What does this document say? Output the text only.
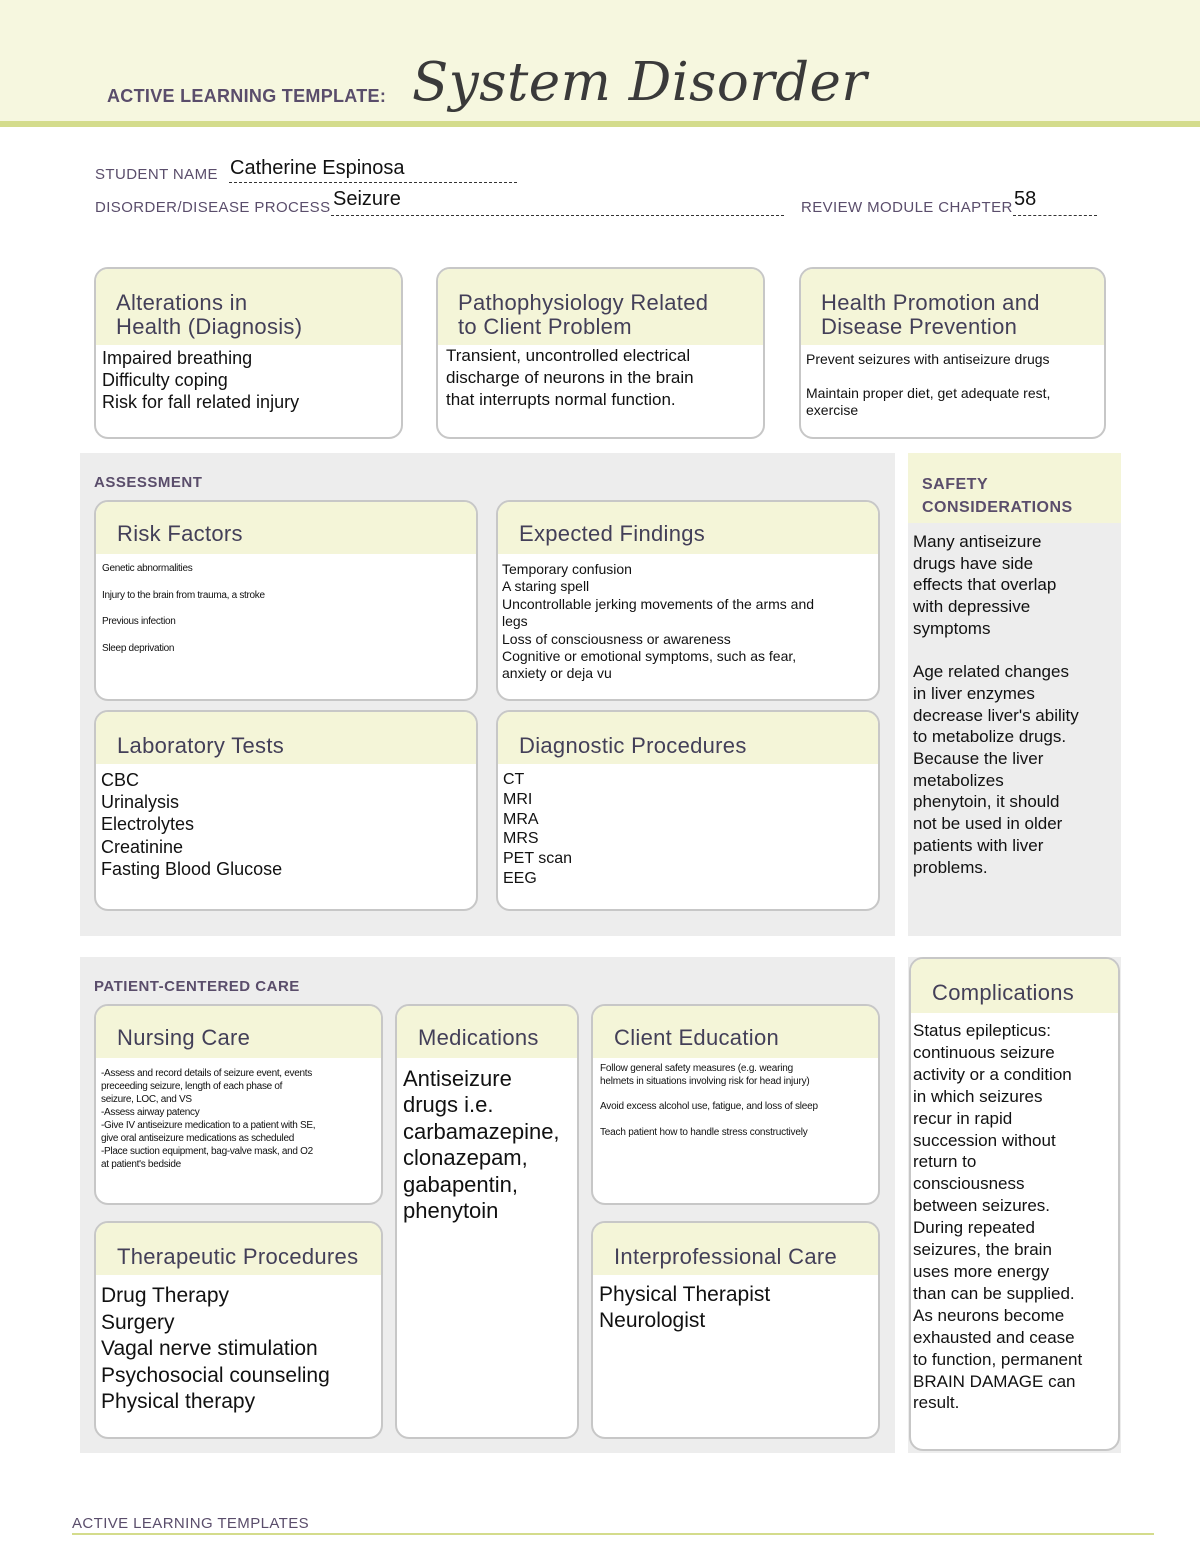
ACTIVE LEARNING TEMPLATE: System Disorder
STUDENT NAME Catherine Espinosa
DISORDER/DISEASE PROCESS Seizure	REVIEW MODULE CHAPTER 58
Alterations in
Health (Diagnosis)
Impaired breathing
Difficulty coping
Risk for fall related injury
Pathophysiology Related
to Client Problem
Transient, uncontrolled electrical
discharge of neurons in the brain
that interrupts normal function.
Health Promotion and
Disease Prevention
Prevent seizures with antiseizure drugs

Maintain proper diet, get adequate rest,
exercise
ASSESSMENT
Risk Factors
Genetic abnormalities

Injury to the brain from trauma, a stroke

Previous infection

Sleep deprivation
Expected Findings
Temporary confusion
A staring spell
Uncontrollable jerking movements of the arms and
legs
Loss of consciousness or awareness
Cognitive or emotional symptoms, such as fear,
anxiety or deja vu
Laboratory Tests
CBC
Urinalysis
Electrolytes
Creatinine
Fasting Blood Glucose
Diagnostic Procedures
CT
MRI
MRA
MRS
PET scan
EEG
SAFETY
CONSIDERATIONS
Many antiseizure
drugs have side
effects that overlap
with depressive
symptoms

Age related changes
in liver enzymes
decrease liver's ability
to metabolize drugs.
Because the liver
metabolizes
phenytoin, it should
not be used in older
patients with liver
problems.
PATIENT-CENTERED CARE
Nursing Care
-Assess and record details of seizure event, events
preceeding seizure, length of each phase of
seizure, LOC, and VS
-Assess airway patency
-Give IV antiseizure medication to a patient with SE,
give oral antiseizure medications as scheduled
-Place suction equipment, bag-valve mask, and O2
at patient's bedside
Medications
Antiseizure
drugs i.e.
carbamazepine,
clonazepam,
gabapentin,
phenytoin
Client Education
Follow general safety measures (e.g. wearing
helmets in situations involving risk for head injury)

Avoid excess alcohol use, fatigue, and loss of sleep

Teach patient how to handle stress constructively
Therapeutic Procedures
Drug Therapy
Surgery
Vagal nerve stimulation
Psychosocial counseling
Physical therapy
Interprofessional Care
Physical Therapist
Neurologist
Complications
Status epilepticus:
continuous seizure
activity or a condition
in which seizures
recur in rapid
succession without
return to
consciousness
between seizures.
During repeated
seizures, the brain
uses more energy
than can be supplied.
As neurons become
exhausted and cease
to function, permanent
BRAIN DAMAGE can
result.
ACTIVE LEARNING TEMPLATES
